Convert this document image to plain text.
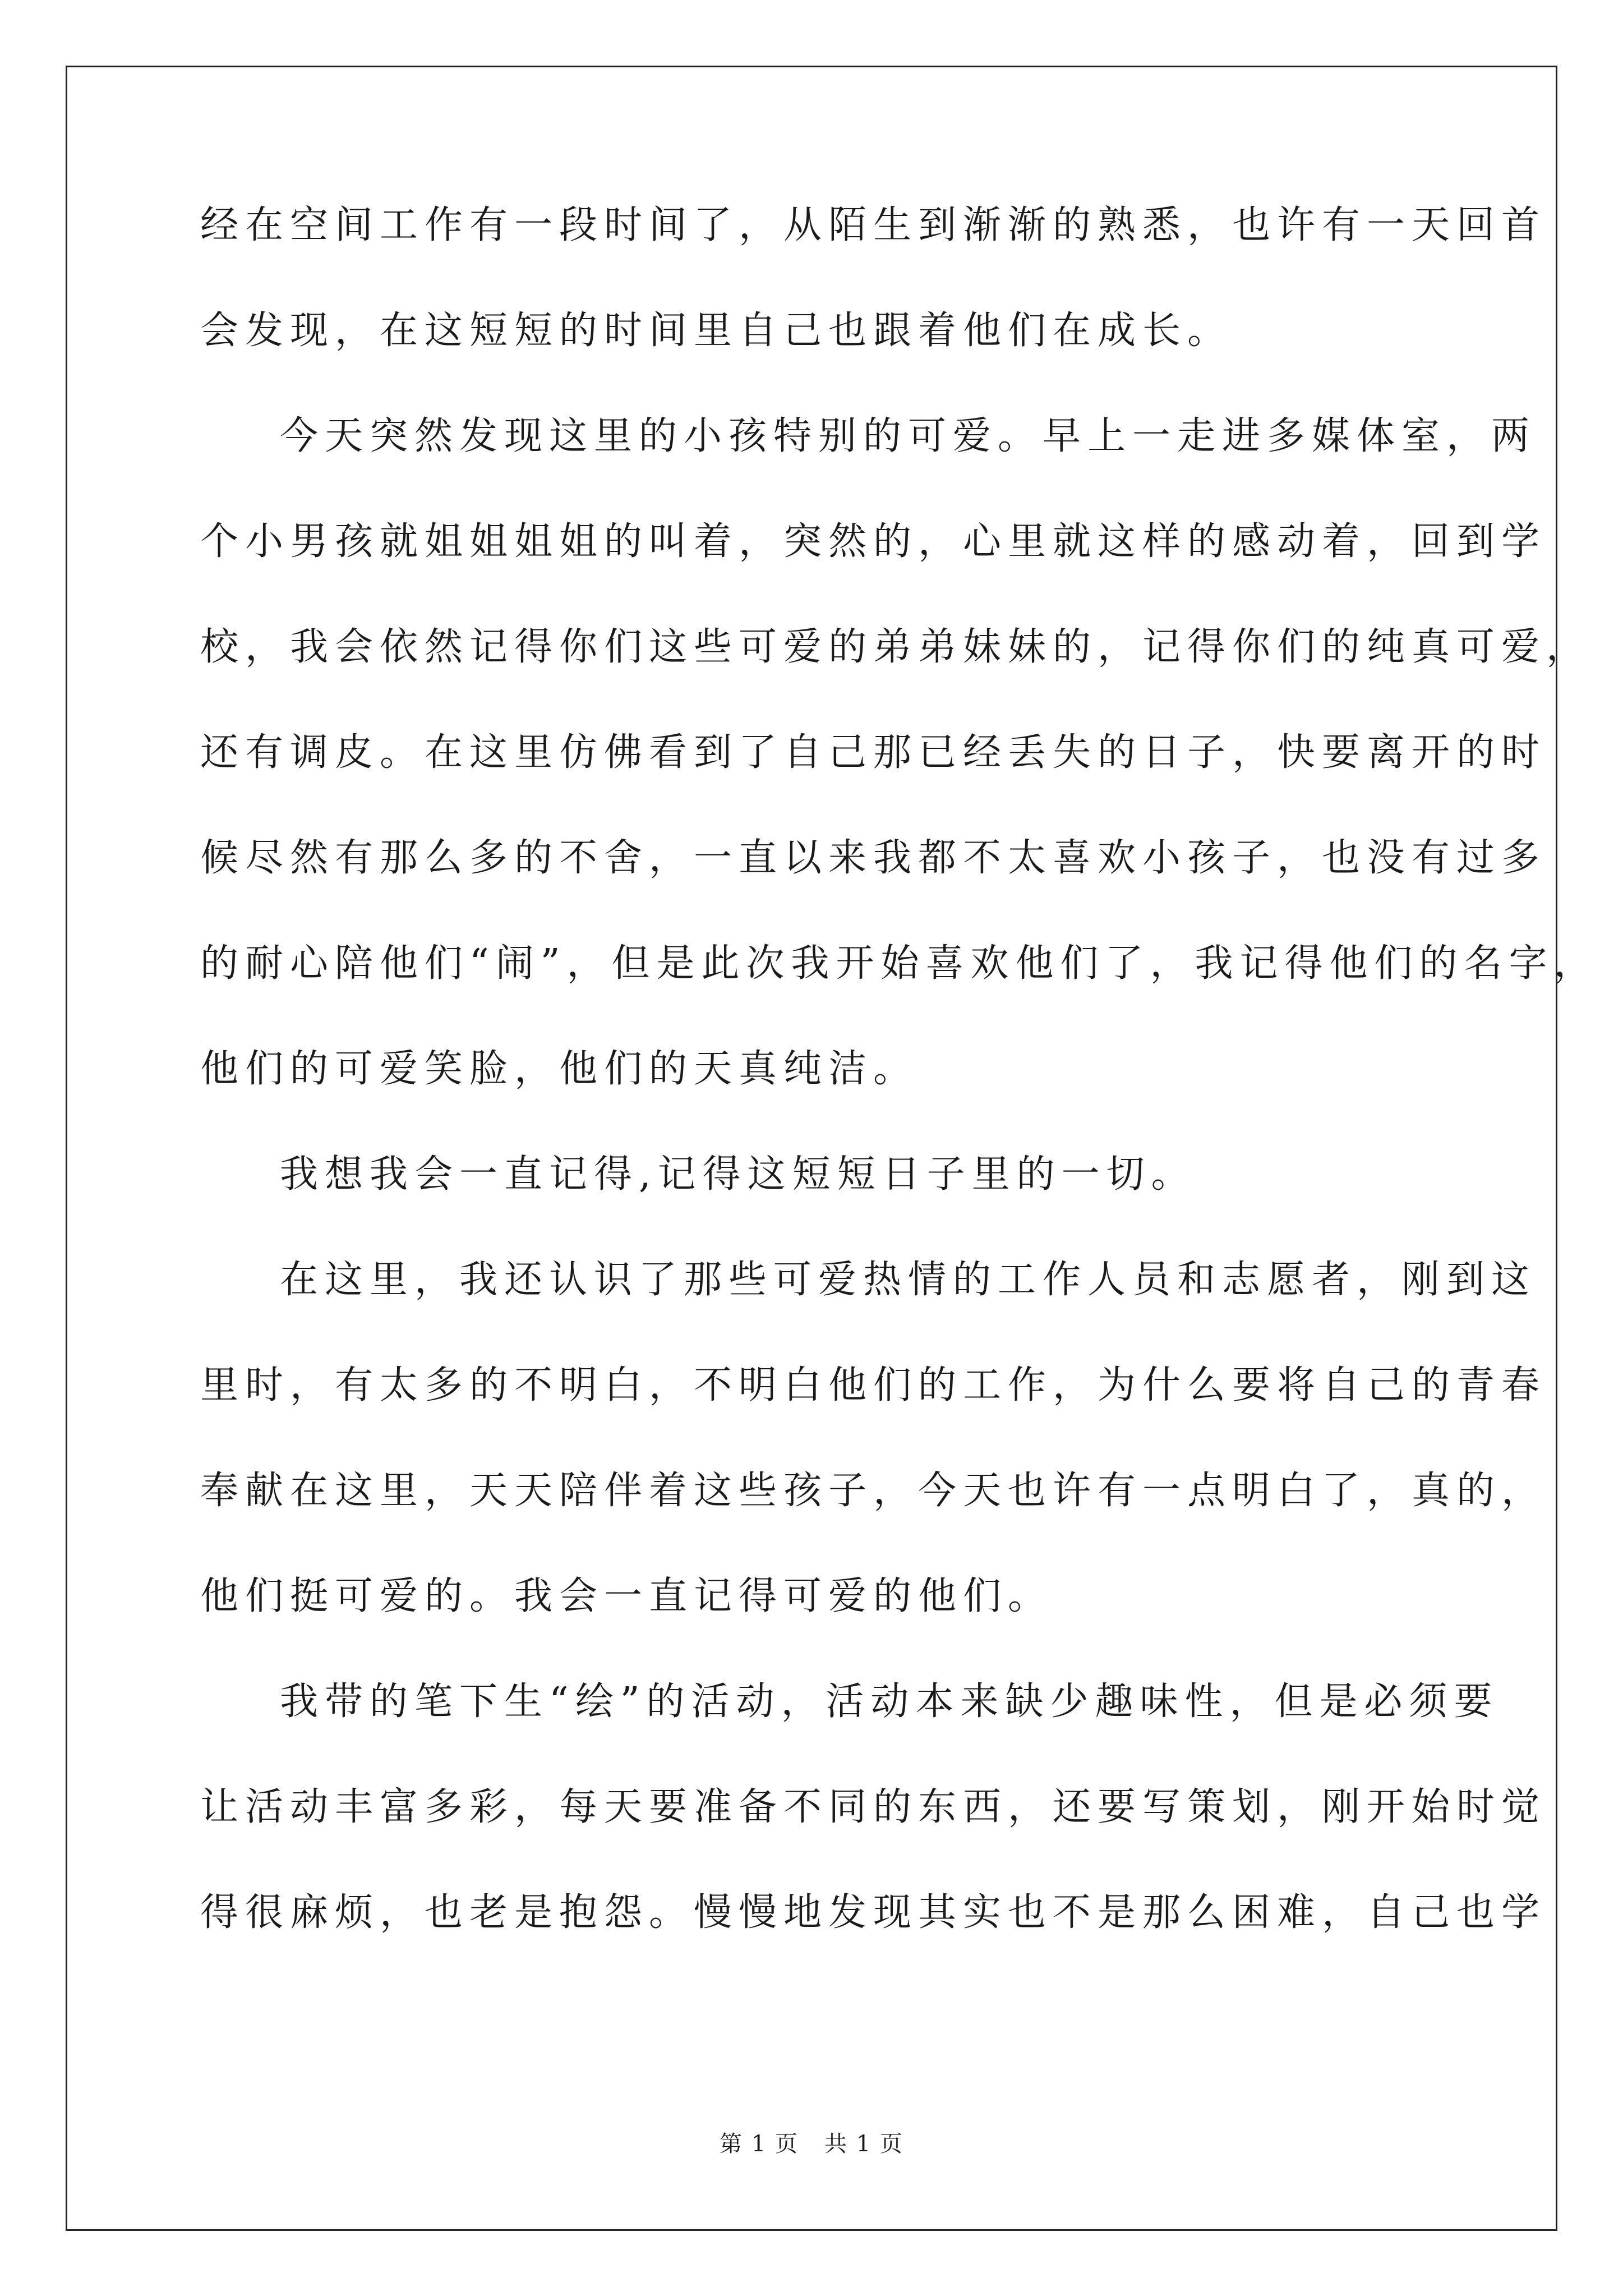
经在空间工作有一段时间了，从陌生到渐渐的熟悉，也许有一天回首
会发现，在这短短的时间里自己也跟着他们在成长。
今天突然发现这里的小孩特别的可爱。早上一走进多媒体室，两
个小男孩就姐姐姐姐的叫着，突然的，心里就这样的感动着，回到学
校，我会依然记得你们这些可爱的弟弟妹妹的，记得你们的纯真可爱，
还有调皮。在这里仿佛看到了自己那已经丢失的日子，快要离开的时
候尽然有那么多的不舍，一直以来我都不太喜欢小孩子，也没有过多
的耐心陪他们“闹”，但是此次我开始喜欢他们了，我记得他们的名字，
他们的可爱笑脸，他们的天真纯洁。
我想我会一直记得,记得这短短日子里的一切。
在这里，我还认识了那些可爱热情的工作人员和志愿者，刚到这
里时，有太多的不明白，不明白他们的工作，为什么要将自己的青春
奉献在这里，天天陪伴着这些孩子，今天也许有一点明白了，真的，
他们挺可爱的。我会一直记得可爱的他们。
我带的笔下生“绘”的活动，活动本来缺少趣味性，但是必须要
让活动丰富多彩，每天要准备不同的东西，还要写策划，刚开始时觉
得很麻烦，也老是抱怨。慢慢地发现其实也不是那么困难，自己也学
第 1 页 共 1 页
